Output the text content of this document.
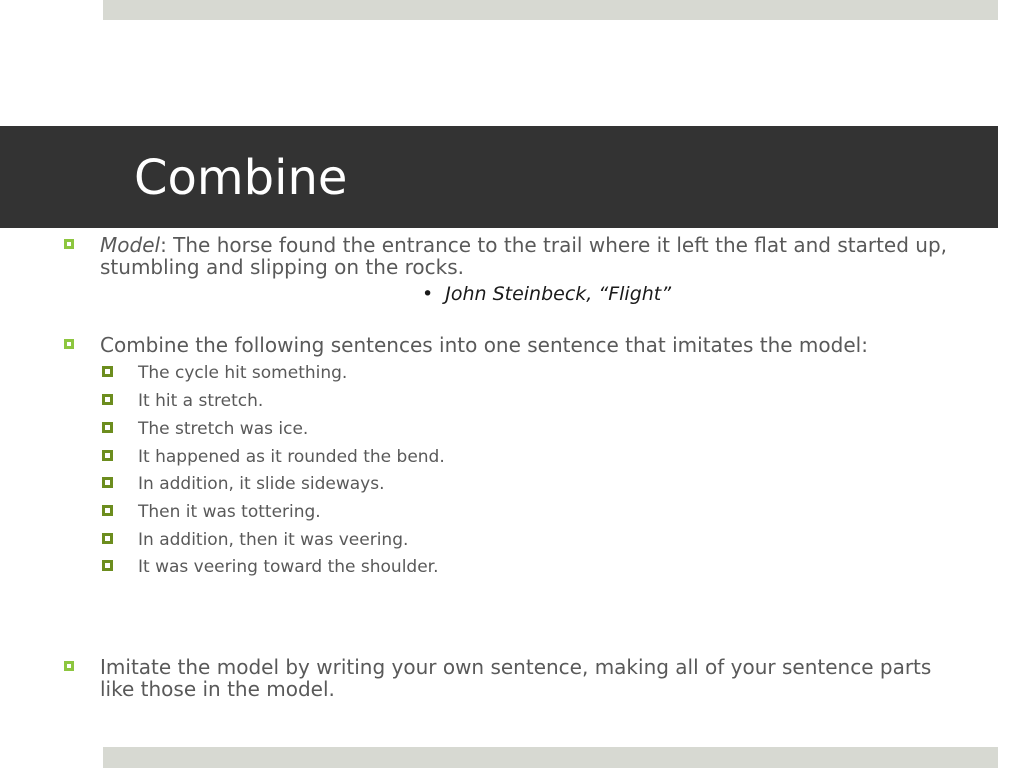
Combine
Model: The horse found the entrance to the trail where it left the flat and started up, stumbling and slipping on the rocks.
• John Steinbeck, “Flight”
Combine the following sentences into one sentence that imitates the model:
The cycle hit something.
It hit a stretch.
The stretch was ice.
It happened as it rounded the bend.
In addition, it slide sideways.
Then it was tottering.
In addition, then it was veering.
It was veering toward the shoulder.
Imitate the model by writing your own sentence, making all of your sentence parts like those in the model.
